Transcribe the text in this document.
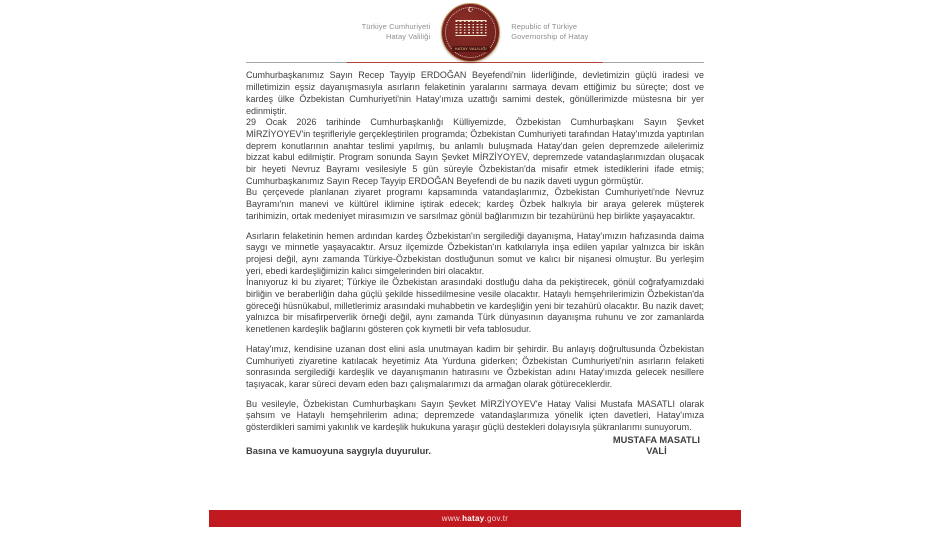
Türkiye Cumhuriyeti
Hatay Valiliği
☪
HATAY VALİLİĞİ
Republic of Türkiye
Governorship of Hatay

Cumhurbaşkanımız Sayın Recep Tayyip ERDOĞAN Beyefendi'nin liderliğinde, devletimizin güçlü iradesi ve milletimizin eşsiz dayanışmasıyla asırların felaketinin yaralarını sarmaya devam ettiğimiz bu süreçte; dost ve kardeş ülke Özbekistan Cumhuriyeti'nin Hatay'ımıza uzattığı samimi destek, gönüllerimizde müstesna bir yer edinmiştir.

29 Ocak 2026 tarihinde Cumhurbaşkanlığı Külliyemizde, Özbekistan Cumhurbaşkanı Sayın Şevket MİRZİYOYEV'in teşrifleriyle gerçekleştirilen programda; Özbekistan Cumhuriyeti tarafından Hatay'ımızda yaptırılan deprem konutlarının anahtar teslimi yapılmış, bu anlamlı buluşmada Hatay'dan gelen depremzede ailelerimiz bizzat kabul edilmiştir. Program sonunda Sayın Şevket MİRZİYOYEV, depremzede vatandaşlarımızdan oluşacak bir heyeti Nevruz Bayramı vesilesiyle 5 gün süreyle Özbekistan'da misafir etmek istediklerini ifade etmiş; Cumhurbaşkanımız Sayın Recep Tayyip ERDOĞAN Beyefendi de bu nazik daveti uygun görmüştür.

Bu çerçevede planlanan ziyaret programı kapsamında vatandaşlarımız, Özbekistan Cumhuriyeti'nde Nevruz Bayramı'nın manevi ve kültürel iklimine iştirak edecek; kardeş Özbek halkıyla bir araya gelerek müşterek tarihimizin, ortak medeniyet mirasımızın ve sarsılmaz gönül bağlarımızın bir tezahürünü hep birlikte yaşayacaktır.

Asırların felaketinin hemen ardından kardeş Özbekistan'ın sergilediği dayanışma, Hatay'ımızın hafızasında daima saygı ve minnetle yaşayacaktır. Arsuz ilçemizde Özbekistan'ın katkılarıyla inşa edilen yapılar yalnızca bir iskân projesi değil, aynı zamanda Türkiye-Özbekistan dostluğunun somut ve kalıcı bir nişanesi olmuştur. Bu yerleşim yeri, ebedi kardeşliğimizin kalıcı simgelerinden biri olacaktır.

İnanıyoruz ki bu ziyaret; Türkiye ile Özbekistan arasındaki dostluğu daha da pekiştirecek, gönül coğrafyamızdaki birliğin ve beraberliğin daha güçlü şekilde hissedilmesine vesile olacaktır. Hataylı hemşehrilerimizin Özbekistan'da göreceği hüsnükabul, milletlerimiz arasındaki muhabbetin ve kardeşliğin yeni bir tezahürü olacaktır. Bu nazik davet; yalnızca bir misafirperverlik örneği değil, aynı zamanda Türk dünyasının dayanışma ruhunu ve zor zamanlarda kenetlenen kardeşlik bağlarını gösteren çok kıymetli bir vefa tablosudur.

Hatay'ımız, kendisine uzanan dost elini asla unutmayan kadim bir şehirdir. Bu anlayış doğrultusunda Özbekistan Cumhuriyeti ziyaretine katılacak heyetimiz Ata Yurduna giderken; Özbekistan Cumhuriyeti'nin asırların felaketi sonrasında sergilediği kardeşlik ve dayanışmanın hatırasını ve Özbekistan adını Hatay'ımızda gelecek nesillere taşıyacak, karar süreci devam eden bazı çalışmalarımızı da armağan olarak götüreceklerdir.

Bu vesileyle, Özbekistan Cumhurbaşkanı Sayın Şevket MİRZİYOYEV'e Hatay Valisi Mustafa MASATLI olarak şahsım ve Hataylı hemşehrilerim adına; depremzede vatandaşlarımıza yönelik içten davetleri, Hatay'ımıza gösterdikleri samimi yakınlık ve kardeşlik hukukuna yaraşır güçlü destekleri dolayısıyla şükranlarımı sunuyorum.

Basına ve kamuoyuna saygıyla duyurulur.

MUSTAFA MASATLI
VALİ
www.hatay.gov.tr
